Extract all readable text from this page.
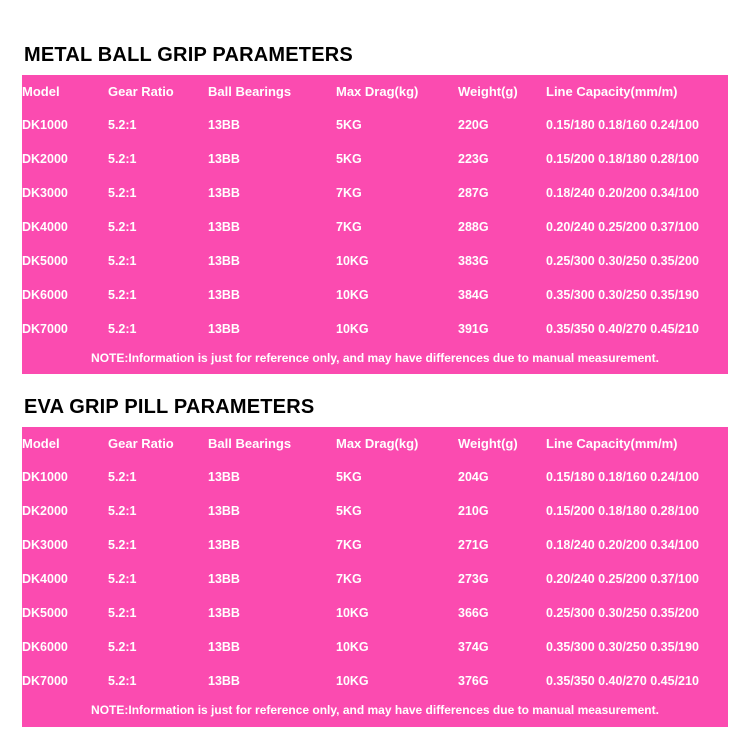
METAL BALL GRIP PARAMETERS
Model	Gear Ratio	Ball Bearings	Max Drag(kg)	Weight(g)	Line Capacity(mm/m)
DK1000	5.2:1	13BB	5KG	220G	0.15/180 0.18/160 0.24/100
DK2000	5.2:1	13BB	5KG	223G	0.15/200 0.18/180 0.28/100
DK3000	5.2:1	13BB	7KG	287G	0.18/240 0.20/200 0.34/100
DK4000	5.2:1	13BB	7KG	288G	0.20/240 0.25/200 0.37/100
DK5000	5.2:1	13BB	10KG	383G	0.25/300 0.30/250 0.35/200
DK6000	5.2:1	13BB	10KG	384G	0.35/300 0.30/250 0.35/190
DK7000	5.2:1	13BB	10KG	391G	0.35/350 0.40/270 0.45/210
NOTE:Information is just for reference only, and may have differences due to manual measurement.
EVA GRIP PILL PARAMETERS
Model	Gear Ratio	Ball Bearings	Max Drag(kg)	Weight(g)	Line Capacity(mm/m)
DK1000	5.2:1	13BB	5KG	204G	0.15/180 0.18/160 0.24/100
DK2000	5.2:1	13BB	5KG	210G	0.15/200 0.18/180 0.28/100
DK3000	5.2:1	13BB	7KG	271G	0.18/240 0.20/200 0.34/100
DK4000	5.2:1	13BB	7KG	273G	0.20/240 0.25/200 0.37/100
DK5000	5.2:1	13BB	10KG	366G	0.25/300 0.30/250 0.35/200
DK6000	5.2:1	13BB	10KG	374G	0.35/300 0.30/250 0.35/190
DK7000	5.2:1	13BB	10KG	376G	0.35/350 0.40/270 0.45/210
NOTE:Information is just for reference only, and may have differences due to manual measurement.
